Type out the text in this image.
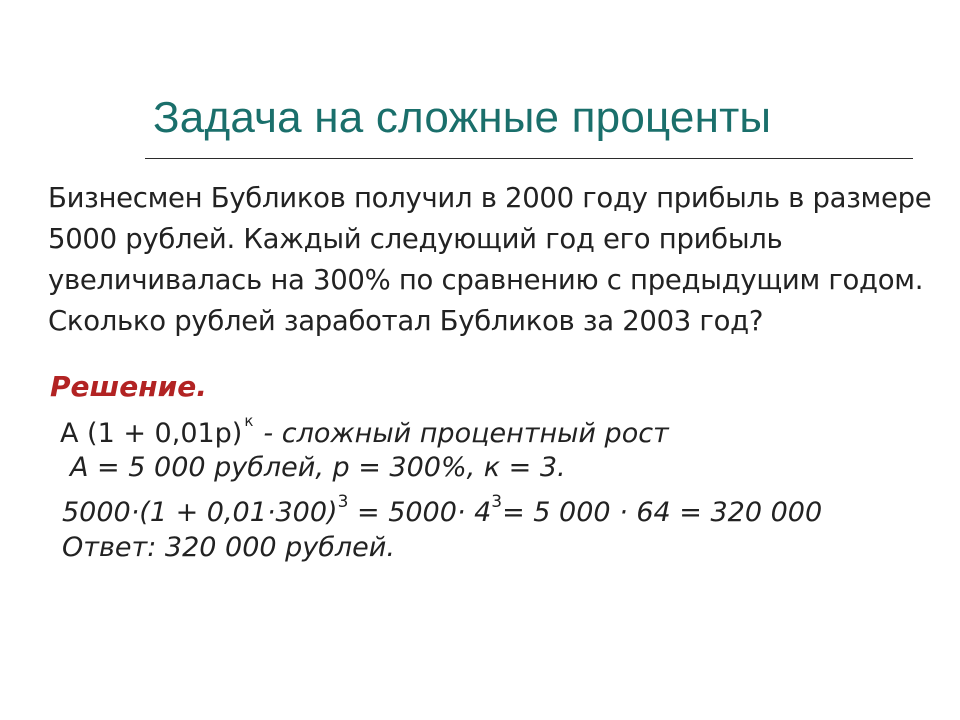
Задача на сложные проценты
Бизнесмен Бубликов получил в 2000 году прибыль в размере
5000 рублей. Каждый следующий год его прибыль
увеличивалась на 300% по сравнению с предыдущим годом.
Сколько рублей заработал Бубликов за 2003 год?
Решение.
A (1 + 0,01p) $^к$ - сложный процентный рост
A = 5 000 рублей, p = 300%, к = 3.
$5000\cdot(1 + 0,01\cdot 300)^3 = 5000\cdot 4^3= 5$ 000 · 64 = 320 000
Ответ: 320 000 рублей.
